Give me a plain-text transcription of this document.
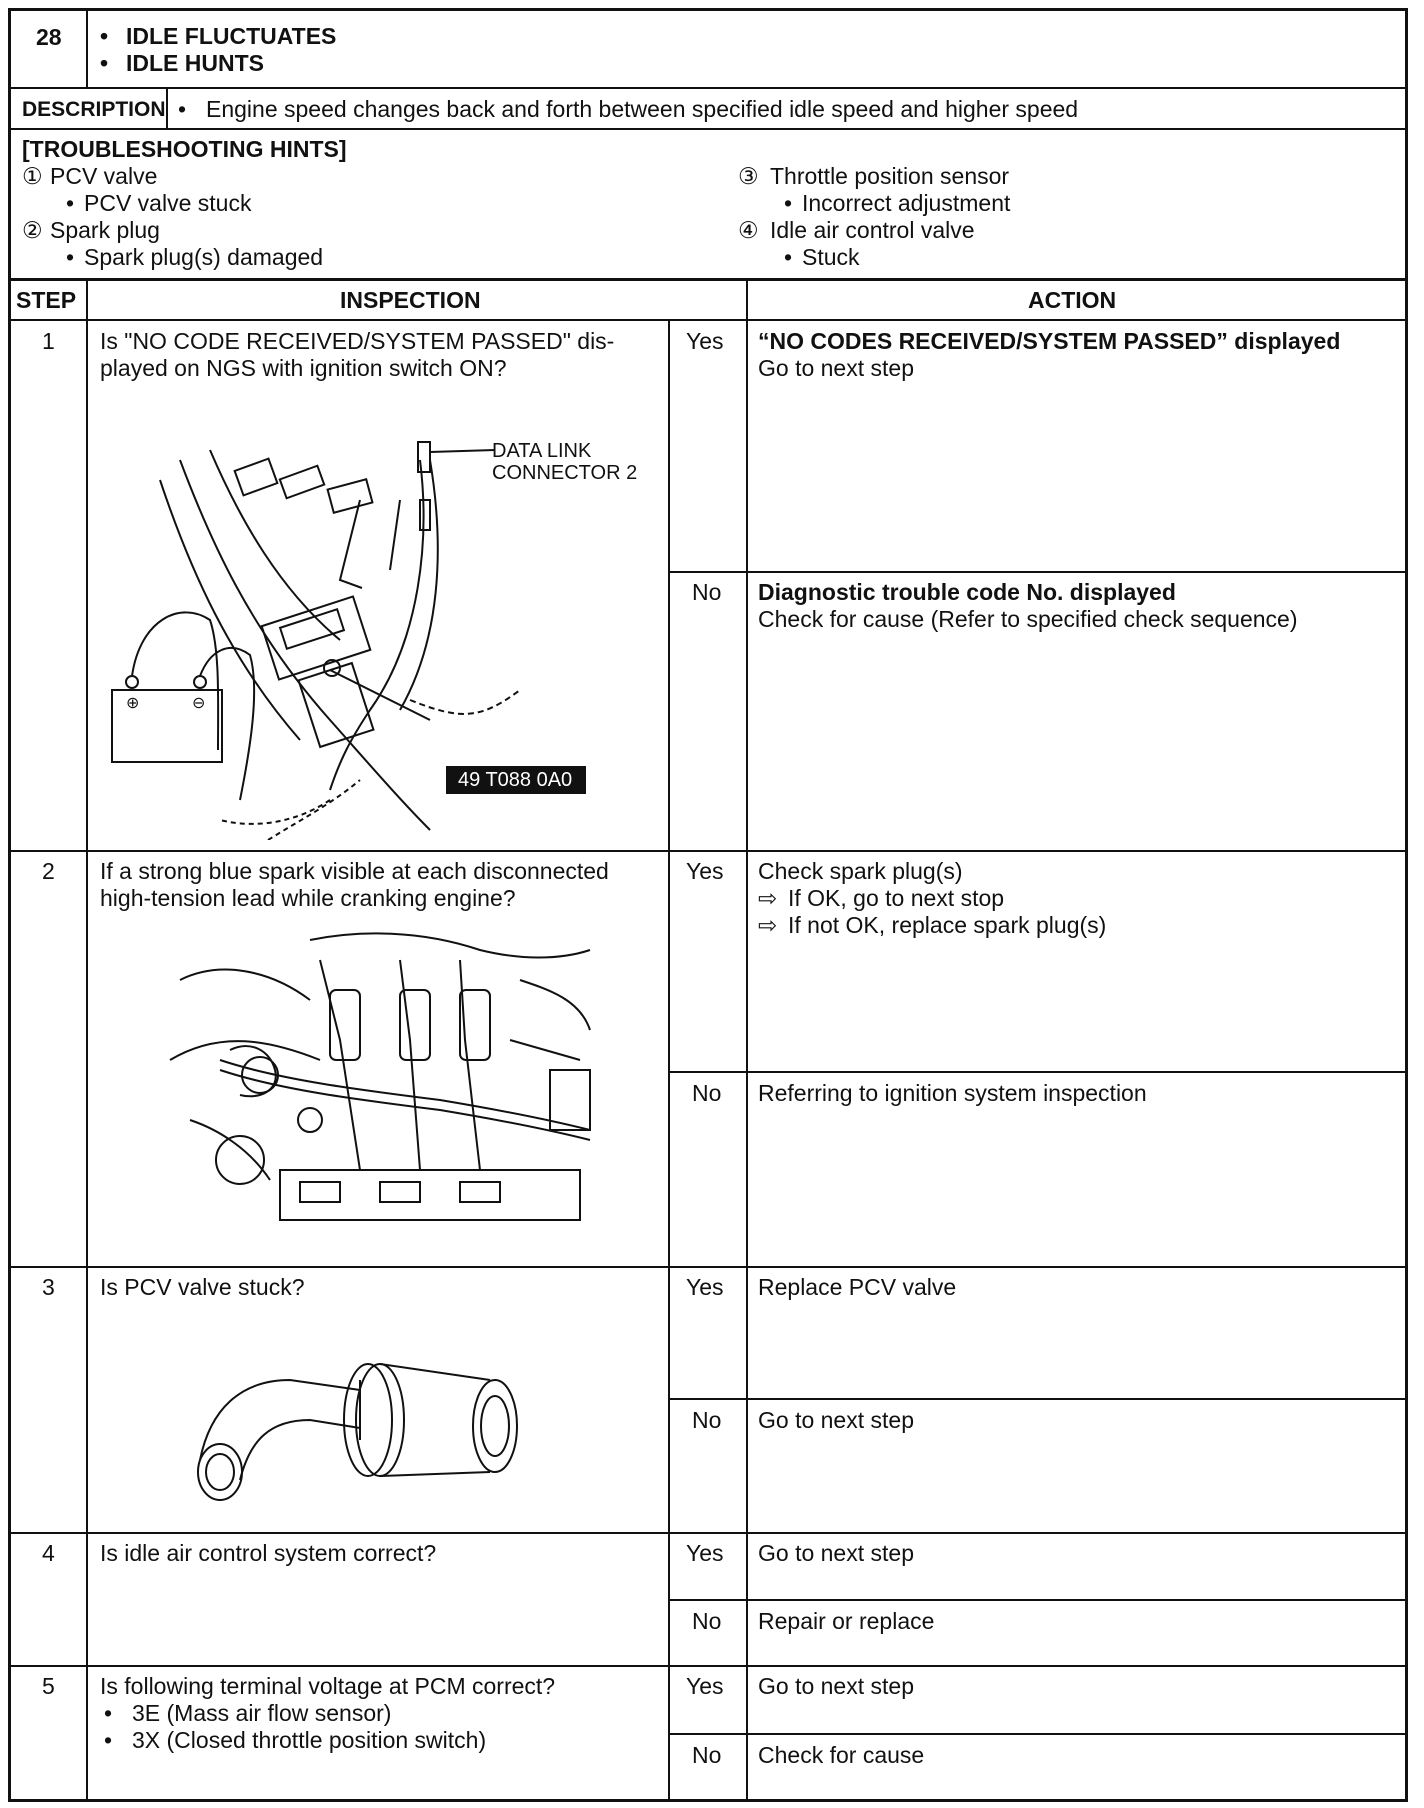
28 • IDLE FLUCTUATES
• IDLE HUNTS
DESCRIPTION • Engine speed changes back and forth between specified idle speed and higher speed
[TROUBLESHOOTING HINTS]
① PCV valve
• PCV valve stuck
② Spark plug
• Spark plug(s) damaged
③ Throttle position sensor
• Incorrect adjustment
④ Idle air control valve
• Stuck
STEP	INSPECTION	ACTION
1 Is "NO CODE RECEIVED/SYSTEM PASSED" dis-
played on NGS with ignition switch ON?
Yes “NO CODES RECEIVED/SYSTEM PASSED” displayed
Go to next step
No Diagnostic trouble code No. displayed
Check for cause (Refer to specified check sequence)
⊕	⊖
DATA LINK
CONNECTOR 2
49 T088 0A0
2 If a strong blue spark visible at each disconnected
high-tension lead while cranking engine?
Yes Check spark plug(s)
⇨ If OK, go to next stop
⇨ If not OK, replace spark plug(s)
No Referring to ignition system inspection
3 Is PCV valve stuck?	Yes Replace PCV valve
No Go to next step
4 Is idle air control system correct?	Yes Go to next step
No Repair or replace
5 Is following terminal voltage at PCM correct?
• 3E (Mass air flow sensor)
• 3X (Closed throttle position switch)
Yes Go to next step
No Check for cause
